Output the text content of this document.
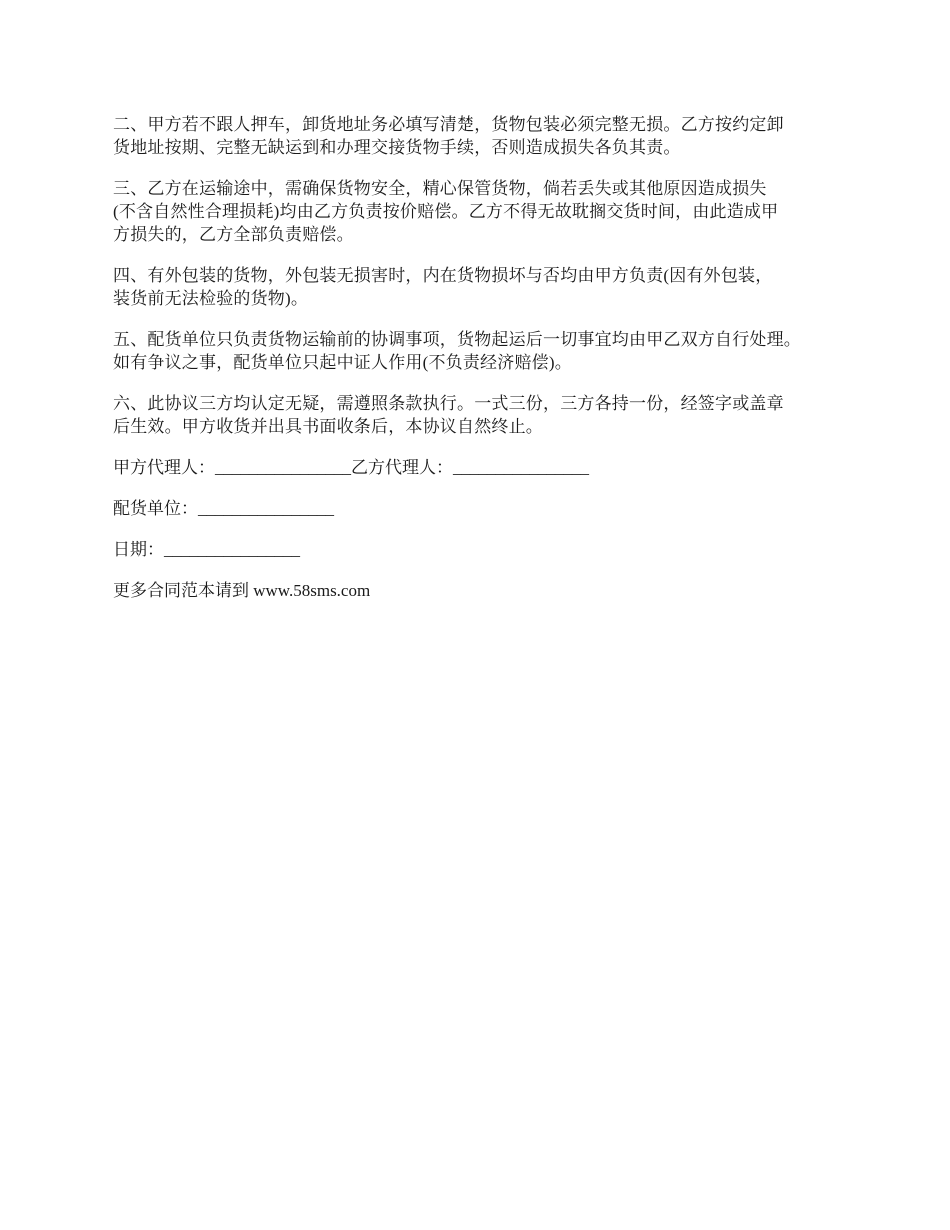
二、甲方若不跟人押车，卸货地址务必填写清楚，货物包装必须完整无损。乙方按约定卸
货地址按期、完整无缺运到和办理交接货物手续，否则造成损失各负其责。

三、乙方在运输途中，需确保货物安全，精心保管货物，倘若丢失或其他原因造成损失
(不含自然性合理损耗)均由乙方负责按价赔偿。乙方不得无故耽搁交货时间，由此造成甲
方损失的，乙方全部负责赔偿。

四、有外包装的货物，外包装无损害时，内在货物损坏与否均由甲方负责(因有外包装，
装货前无法检验的货物)。

五、配货单位只负责货物运输前的协调事项，货物起运后一切事宜均由甲乙双方自行处理。
如有争议之事，配货单位只起中证人作用(不负责经济赔偿)。

六、此协议三方均认定无疑，需遵照条款执行。一式三份，三方各持一份，经签字或盖章
后生效。甲方收货并出具书面收条后，本协议自然终止。

甲方代理人：________________乙方代理人：________________
配货单位：________________
日期：________________
更多合同范本请到 www.58sms.com
